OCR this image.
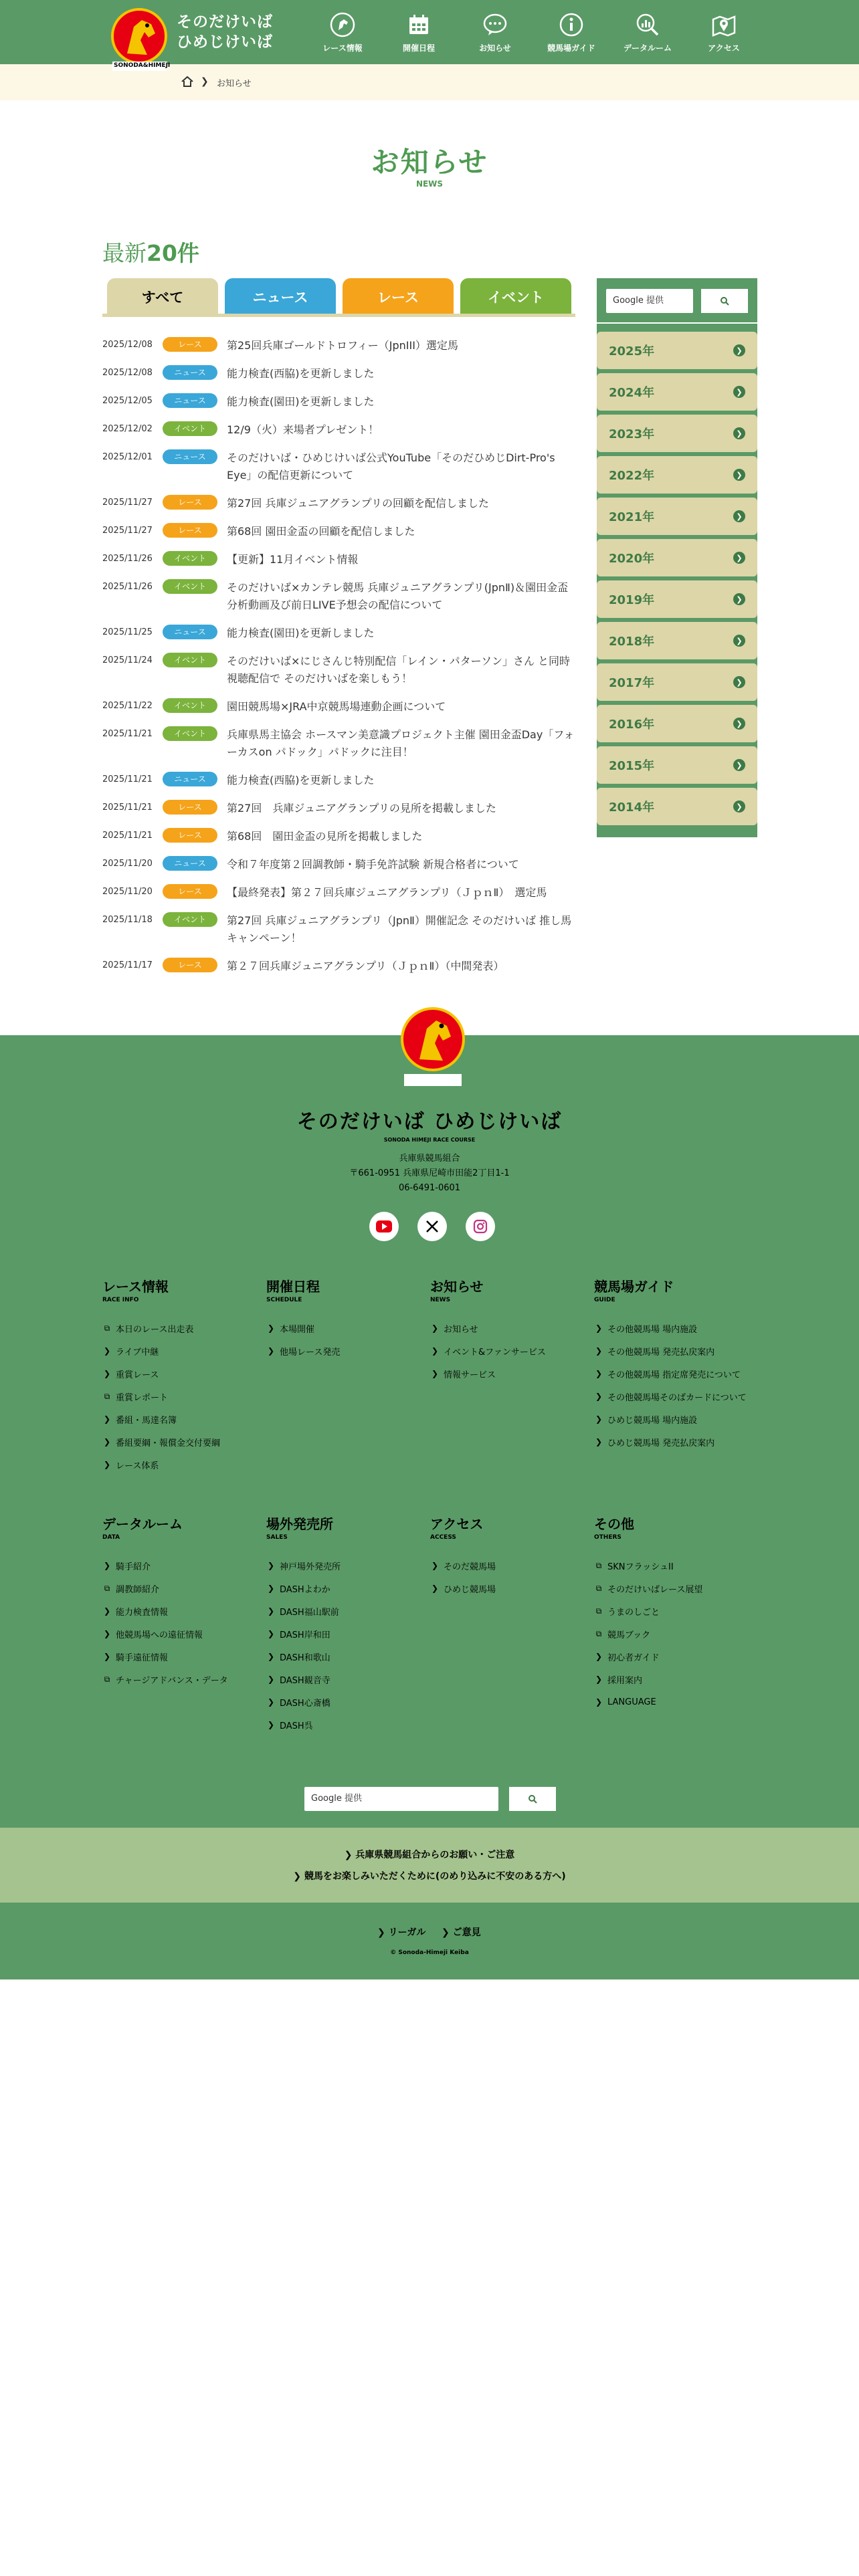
SONODA&HIMEJI
そのだけいば
ひめじけいば	レース情報	開催日程	お知らせ	競馬場ガイド	データルーム	アクセス
❯ お知らせ
お知らせ
NEWS
最新20件
すべて	ニュース	レース	イベント
2025/12/08	レース	第25回兵庫ゴールドトロフィー（JpnIII）選定馬
2025/12/08	ニュース	能力検査(西脇)を更新しました
2025/12/05	ニュース	能力検査(園田)を更新しました
2025/12/02	イベント	12/9（火）来場者プレゼント！
2025/12/01	ニュース	そのだけいば・ひめじけいば公式YouTube「そのだひめじDirt-Pro's Eye」の配信更新について
2025/11/27	レース	第27回 兵庫ジュニアグランプリの回顧を配信しました
2025/11/27	レース	第68回 園田金盃の回顧を配信しました
2025/11/26	イベント	【更新】11月イベント情報
2025/11/26	イベント	そのだけいば×カンテレ競馬 兵庫ジュニアグランプリ(JpnⅡ)＆園田金盃 分析動画及び前日LIVE予想会の配信について
2025/11/25	ニュース	能力検査(園田)を更新しました
2025/11/24	イベント	そのだけいば×にじさんじ特別配信「レイン・パターソン」さん と同時視聴配信で そのだけいばを楽しもう！
2025/11/22	イベント	園田競馬場×JRA中京競馬場連動企画について
2025/11/21	イベント	兵庫県馬主協会 ホースマン美意識プロジェクト主催 園田金盃Day「フォーカスon パドック」パドックに注目！
2025/11/21	ニュース	能力検査(西脇)を更新しました
2025/11/21	レース	第27回　兵庫ジュニアグランプリの見所を掲載しました
2025/11/21	レース	第68回　園田金盃の見所を掲載しました
2025/11/20	ニュース	令和７年度第２回調教師・騎手免許試験 新規合格者について
2025/11/20	レース	【最終発表】第２７回兵庫ジュニアグランプリ（ＪｐｎⅡ）　選定馬
2025/11/18	イベント	第27回 兵庫ジュニアグランプリ（JpnⅡ）開催記念 そのだけいば 推し馬キャンペーン！
2025/11/17	レース	第２７回兵庫ジュニアグランプリ（ＪｐｎⅡ）（中間発表）
Google 提供
2025年	❯
2024年	❯
2023年	❯
2022年	❯
2021年	❯
2020年	❯
2019年	❯
2018年	❯
2017年	❯
2016年	❯
2015年	❯
2014年	❯
そのだけいば ひめじけいば
SONODA HIMEJI RACE COURSE
兵庫県競馬組合
〒661-0951 兵庫県尼崎市田能2丁目1-1
06-6491-0601
レース情報
RACE INFO
⧉ 本日のレース出走表
❯ ライブ中継
❯ 重賞レース
⧉ 重賞レポート
❯ 番組・馬達名簿
❯ 番組要綱・報償金交付要綱
❯ レース体系
開催日程
SCHEDULE
❯ 本場開催
❯ 他場レース発売
お知らせ
NEWS
❯ お知らせ
❯ イベント&ファンサービス
❯ 情報サービス
競馬場ガイド
GUIDE
❯ その他競馬場 場内施設
❯ その他競馬場 発売払戻案内
❯ その他競馬場 指定席発売について
❯ その他競馬場そのばカードについて
❯ ひめじ競馬場 場内施設
❯ ひめじ競馬場 発売払戻案内
データルーム
DATA
❯ 騎手紹介
⧉ 調教師紹介
❯ 能力検査情報
❯ 他競馬場への遠征情報
❯ 騎手遠征情報
⧉ チャージアドバンス・データ
場外発売所
SALES
❯ 神戸場外発売所
❯ DASHよわか
❯ DASH福山駅前
❯ DASH岸和田
❯ DASH和歌山
❯ DASH観音寺
❯ DASH心斎橋
❯ DASH呉
アクセス
ACCESS
❯ そのだ競馬場
❯ ひめじ競馬場
その他
OTHERS
⧉ SKNフラッシュII
⧉ そのだけいばレース展望
⧉ うまのしごと
⧉ 競馬ブック
❯ 初心者ガイド
❯ 採用案内
❯ LANGUAGE
Google 提供
❯ 兵庫県競馬組合からのお願い・ご注意
❯ 競馬をお楽しみいただくために(のめり込みに不安のある方へ)
❯ リーガル ❯ ご意見
© Sonoda-Himeji Keiba
